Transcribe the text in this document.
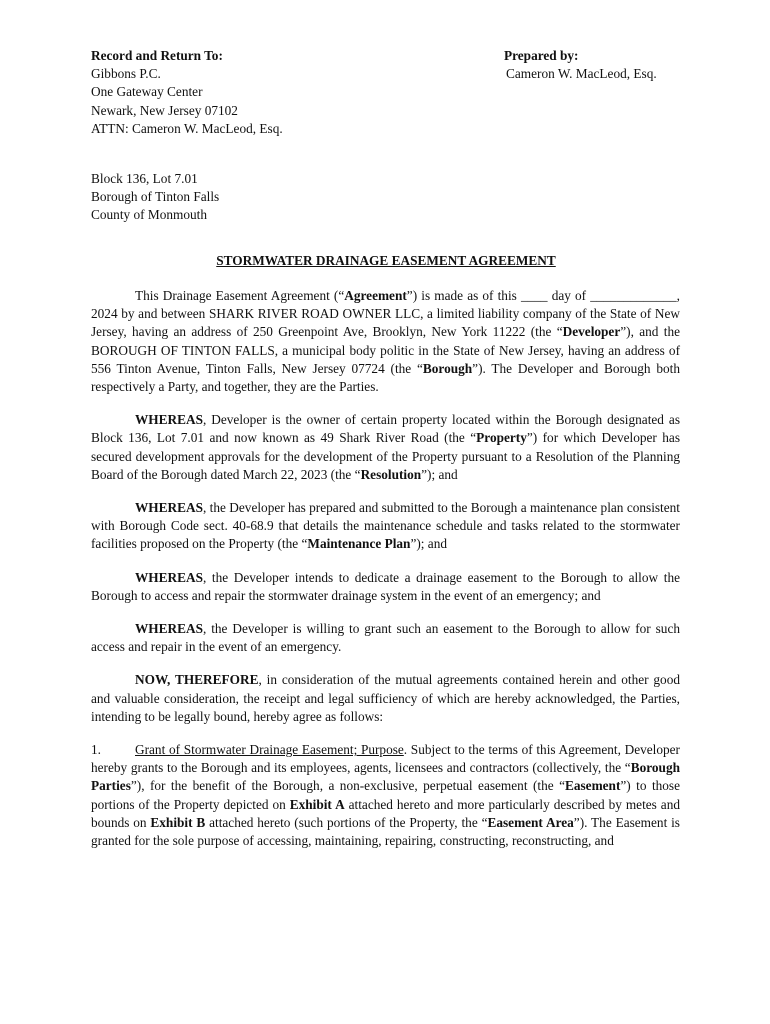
Record and Return To:
Gibbons P.C.
One Gateway Center
Newark, New Jersey 07102
ATTN: Cameron W. MacLeod, Esq.
Prepared by:
Cameron W. MacLeod, Esq.
Block 136, Lot 7.01
Borough of Tinton Falls
County of Monmouth
STORMWATER DRAINAGE EASEMENT AGREEMENT

This Drainage Easement Agreement (“Agreement”) is made as of this ____ day of _____________, 2024 by and between SHARK RIVER ROAD OWNER LLC, a limited liability company of the State of New Jersey, having an address of 250 Greenpoint Ave, Brooklyn, New York 11222 (the “Developer”), and the BOROUGH OF TINTON FALLS, a municipal body politic in the State of New Jersey, having an address of 556 Tinton Avenue, Tinton Falls, New Jersey 07724 (the “Borough”). The Developer and Borough both respectively a Party, and together, they are the Parties.

WHEREAS, Developer is the owner of certain property located within the Borough designated as Block 136, Lot 7.01 and now known as 49 Shark River Road (the “Property”) for which Developer has secured development approvals for the development of the Property pursuant to a Resolution of the Planning Board of the Borough dated March 22, 2023 (the “Resolution”); and

WHEREAS, the Developer has prepared and submitted to the Borough a maintenance plan consistent with Borough Code sect. 40-68.9 that details the maintenance schedule and tasks related to the stormwater facilities proposed on the Property (the “Maintenance Plan”); and

WHEREAS, the Developer intends to dedicate a drainage easement to the Borough to allow the Borough to access and repair the stormwater drainage system in the event of an emergency; and

WHEREAS, the Developer is willing to grant such an easement to the Borough to allow for such access and repair in the event of an emergency.

NOW, THEREFORE, in consideration of the mutual agreements contained herein and other good and valuable consideration, the receipt and legal sufficiency of which are hereby acknowledged, the Parties, intending to be legally bound, hereby agree as follows:

1.	Grant of Stormwater Drainage Easement; Purpose. Subject to the terms of this Agreement, Developer hereby grants to the Borough and its employees, agents, licensees and contractors (collectively, the “Borough Parties”), for the benefit of the Borough, a non-exclusive, perpetual easement (the “Easement”) to those portions of the Property depicted on Exhibit A attached hereto and more particularly described by metes and bounds on Exhibit B attached hereto (such portions of the Property, the “Easement Area”). The Easement is granted for the sole purpose of accessing, maintaining, repairing, constructing, reconstructing, and
